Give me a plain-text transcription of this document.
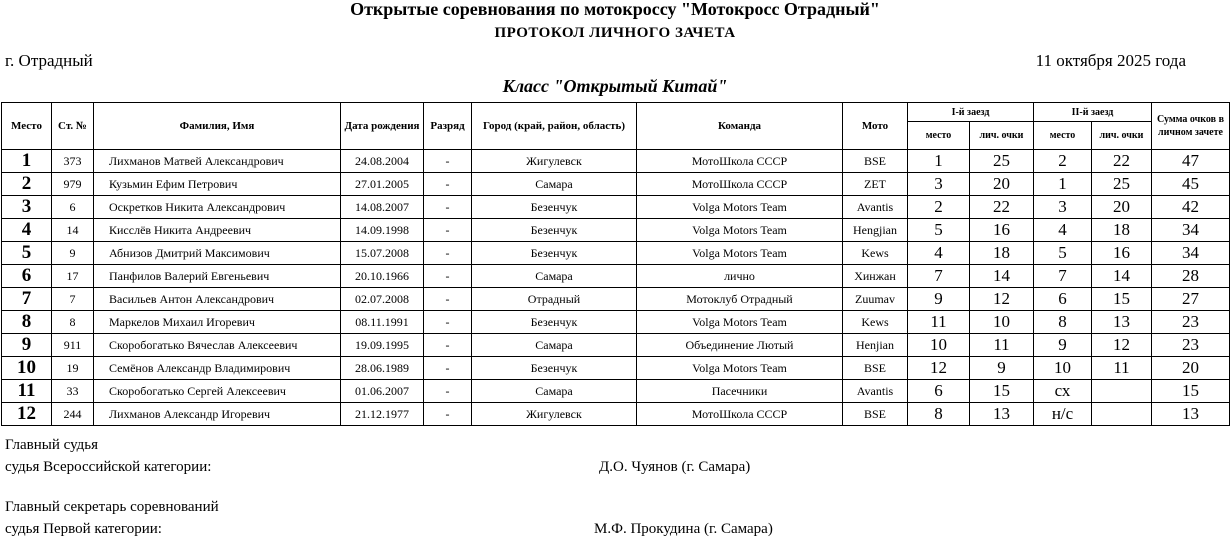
Открытые соревнования по мотокроссу "Мотокросс Отрадный"
ПРОТОКОЛ ЛИЧНОГО ЗАЧЕТА
г. Отрадный	11 октября 2025 года
Класс "Открытый Китай"
Место	Ст. №	Фамилия, Имя	Дата рождения	Разряд	Город (край, район, область)	Команда	Мото	I-й заезд		II-й заезд		Сумма очков в личном зачете
								место	лич. очки	место	лич. очки	
1	373	Лихманов Матвей Александрович	24.08.2004	-	Жигулевск	МотоШкола СССР	BSE	1	25	2	22	47
2	979	Кузьмин Ефим Петрович	27.01.2005	-	Самара	МотоШкола СССР	ZET	3	20	1	25	45
3	6	Оскретков Никита Александрович	14.08.2007	-	Безенчук	Volga Motors Team	Avantis	2	22	3	20	42
4	14	Кисслёв Никита Андреевич	14.09.1998	-	Безенчук	Volga Motors Team	Hengjian	5	16	4	18	34
5	9	Абнизов Дмитрий Максимович	15.07.2008	-	Безенчук	Volga Motors Team	Kews	4	18	5	16	34
6	17	Панфилов Валерий Евгеньевич	20.10.1966	-	Самара	лично	Хинжан	7	14	7	14	28
7	7	Васильев Антон Александрович	02.07.2008	-	Отрадный	Мотоклуб Отрадный	Zuumav	9	12	6	15	27
8	8	Маркелов Михаил Игоревич	08.11.1991	-	Безенчук	Volga Motors Team	Kews	11	10	8	13	23
9	911	Скоробогатько Вячеслав Алексеевич	19.09.1995	-	Самара	Объединение Лютый	Henjian	10	11	9	12	23
10	19	Семёнов Александр Владимирович	28.06.1989	-	Безенчук	Volga Motors Team	BSE	12	9	10	11	20
11	33	Скоробогатько Сергей Алексеевич	01.06.2007	-	Самара	Пасечники	Avantis	6	15	сх		15
12	244	Лихманов Александр Игоревич	21.12.1977	-	Жигулевск	МотоШкола СССР	BSE	8	13	н/с		13
Главный судья
судья Всероссийской категории:	Д.О. Чуянов (г. Самара)
Главный секретарь соревнований
судья Первой категории:	М.Ф. Прокудина (г. Самара)
